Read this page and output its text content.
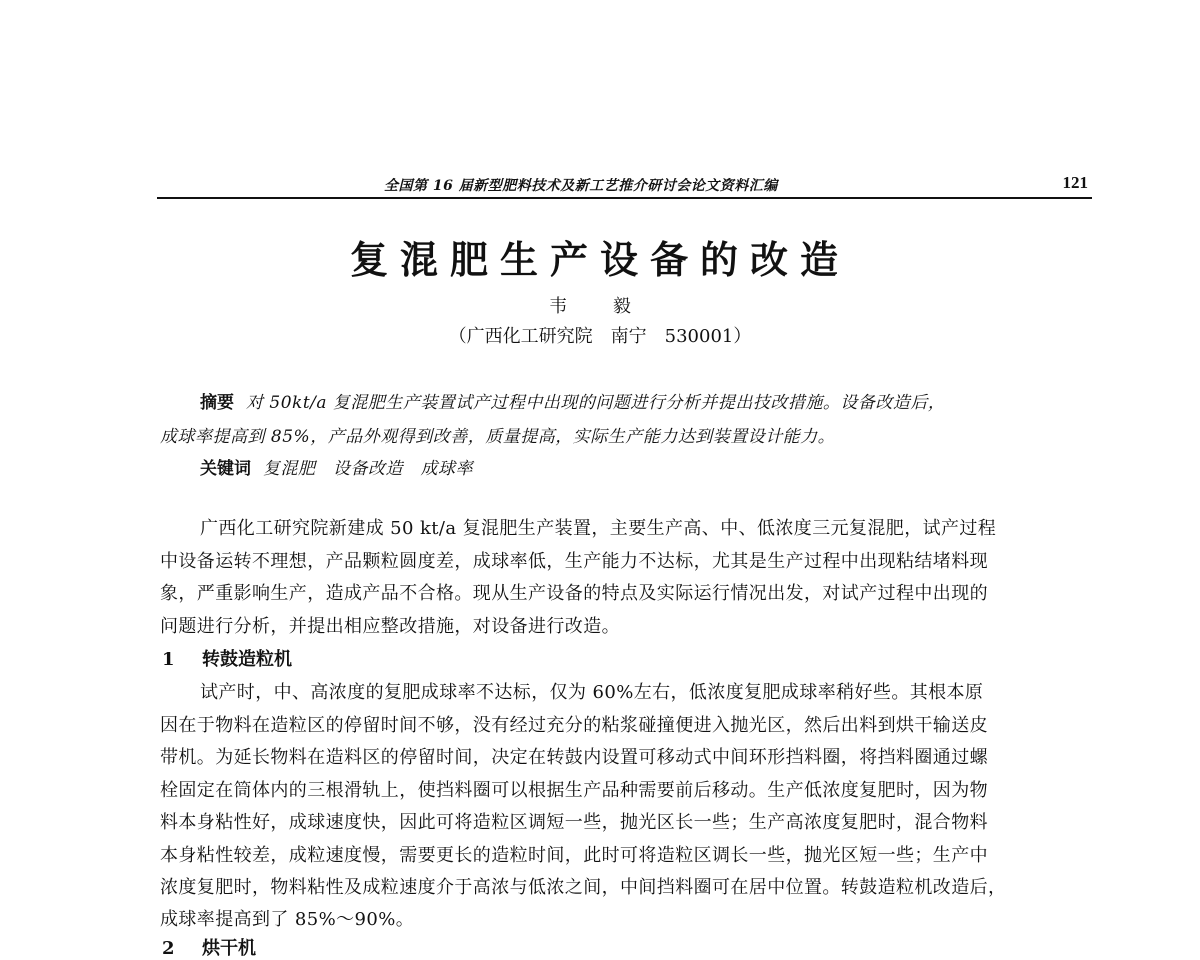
全国第 16 届新型肥料技术及新工艺推介研讨会论文资料汇编	121
复混肥生产设备的改造
韦 毅
（广西化工研究院　南宁　530001）
摘要 对 50kt/a 复混肥生产装置试产过程中出现的问题进行分析并提出技改措施。设备改造后，
成球率提高到 85%，产品外观得到改善，质量提高，实际生产能力达到装置设计能力。
关键词 复混肥　设备改造　成球率
广西化工研究院新建成 50 kt/a 复混肥生产装置，主要生产高、中、低浓度三元复混肥，试产过程
中设备运转不理想，产品颗粒圆度差，成球率低，生产能力不达标，尤其是生产过程中出现粘结堵料现
象，严重影响生产，造成产品不合格。现从生产设备的特点及实际运行情况出发，对试产过程中出现的
问题进行分析，并提出相应整改措施，对设备进行改造。
1 转鼓造粒机
试产时，中、高浓度的复肥成球率不达标，仅为 60%左右，低浓度复肥成球率稍好些。其根本原
因在于物料在造粒区的停留时间不够，没有经过充分的粘浆碰撞便进入抛光区，然后出料到烘干输送皮
带机。为延长物料在造料区的停留时间，决定在转鼓内设置可移动式中间环形挡料圈，将挡料圈通过螺
栓固定在筒体内的三根滑轨上，使挡料圈可以根据生产品种需要前后移动。生产低浓度复肥时，因为物
料本身粘性好，成球速度快，因此可将造粒区调短一些，抛光区长一些；生产高浓度复肥时，混合物料
本身粘性较差，成粒速度慢，需要更长的造粒时间，此时可将造粒区调长一些，抛光区短一些；生产中
浓度复肥时，物料粘性及成粒速度介于高浓与低浓之间，中间挡料圈可在居中位置。转鼓造粒机改造后，
成球率提高到了 85%～90%。
2 烘干机
